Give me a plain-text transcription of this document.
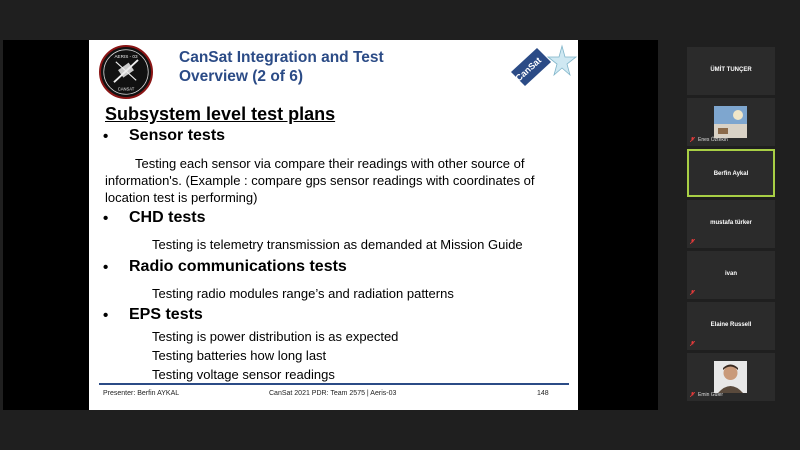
AERIS - 03
CANSAT
CanSat Integration and Test
Overview (2 of 6)	CanSat
Subsystem level test plans
• Sensor tests
Testing each sensor via compare their readings with other source of
information's. (Example : compare gps sensor readings with coordinates of
location test is performing)
• CHD tests
Testing is telemetry transmission as demanded at Mission Guide
• Radio communications tests
Testing radio modules range’s and radiation patterns
• EPS tests
Testing is power distribution is as expected
Testing batteries how long last
Testing voltage sensor readings
Presenter: Berfin AYKAL	CanSat 2021 PDR: Team 2575 | Aeris-03	148
ÜMİT TUNÇER
Enes Öztekin
Berfin Aykal
mustafa türker
ivan
Elaine Russell
Emin Guler
